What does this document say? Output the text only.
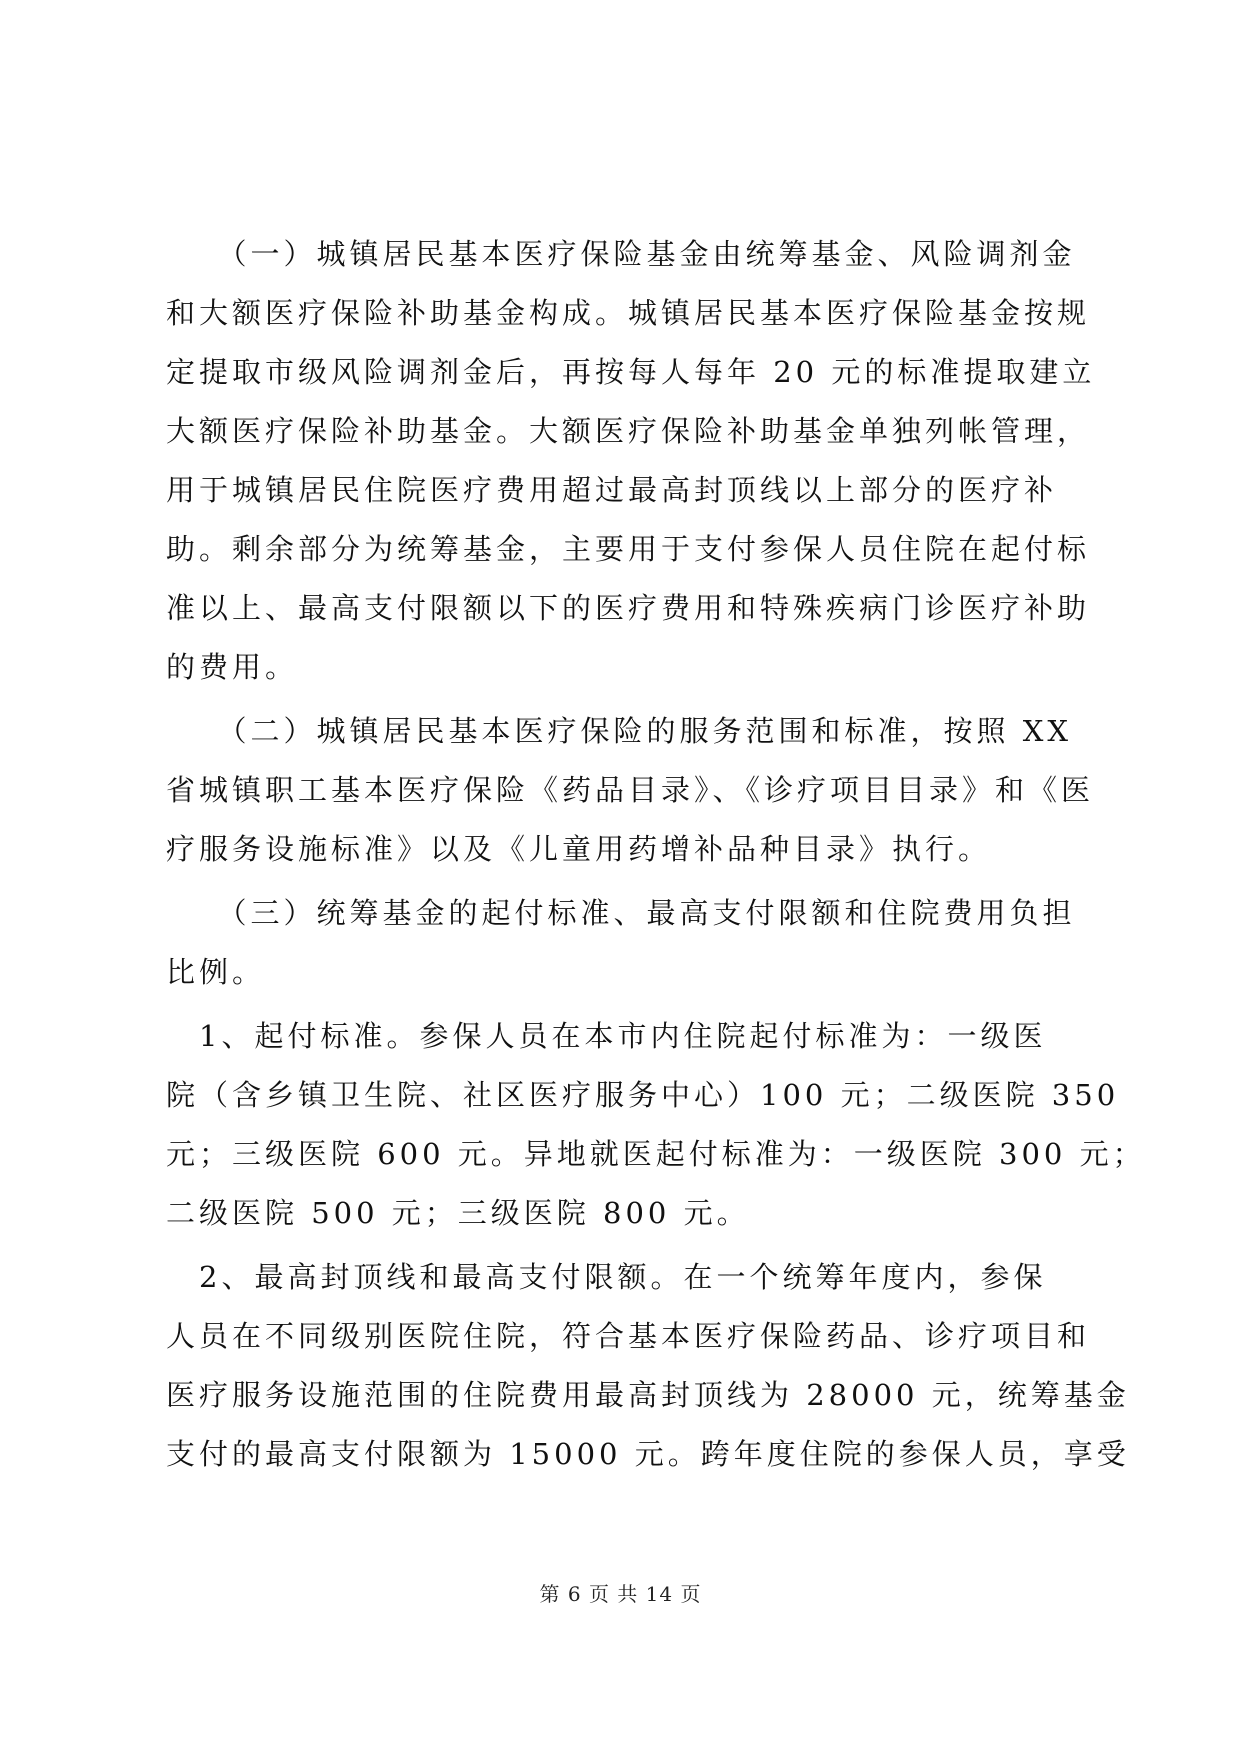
　　（一）城镇居民基本医疗保险基金由统筹基金、风险调剂金
和大额医疗保险补助基金构成。城镇居民基本医疗保险基金按规
定提取市级风险调剂金后，再按每人每年 20 元的标准提取建立
大额医疗保险补助基金。大额医疗保险补助基金单独列帐管理，
用于城镇居民住院医疗费用超过最高封顶线以上部分的医疗补
助。剩余部分为统筹基金，主要用于支付参保人员住院在起付标
准以上、最高支付限额以下的医疗费用和特殊疾病门诊医疗补助
的费用。

　　（二）城镇居民基本医疗保险的服务范围和标准，按照 XX
省城镇职工基本医疗保险《药品目录》、《诊疗项目目录》和《医
疗服务设施标准》以及《儿童用药增补品种目录》执行。

　　（三）统筹基金的起付标准、最高支付限额和住院费用负担
比例。

　1、起付标准。参保人员在本市内住院起付标准为：一级医
院（含乡镇卫生院、社区医疗服务中心）100 元；二级医院 350
元；三级医院 600 元。异地就医起付标准为：一级医院 300 元；
二级医院 500 元；三级医院 800 元。

　2、最高封顶线和最高支付限额。在一个统筹年度内，参保
人员在不同级别医院住院，符合基本医疗保险药品、诊疗项目和
医疗服务设施范围的住院费用最高封顶线为 28000 元，统筹基金
支付的最高支付限额为 15000 元。跨年度住院的参保人员，享受

第 6 页 共 14 页
